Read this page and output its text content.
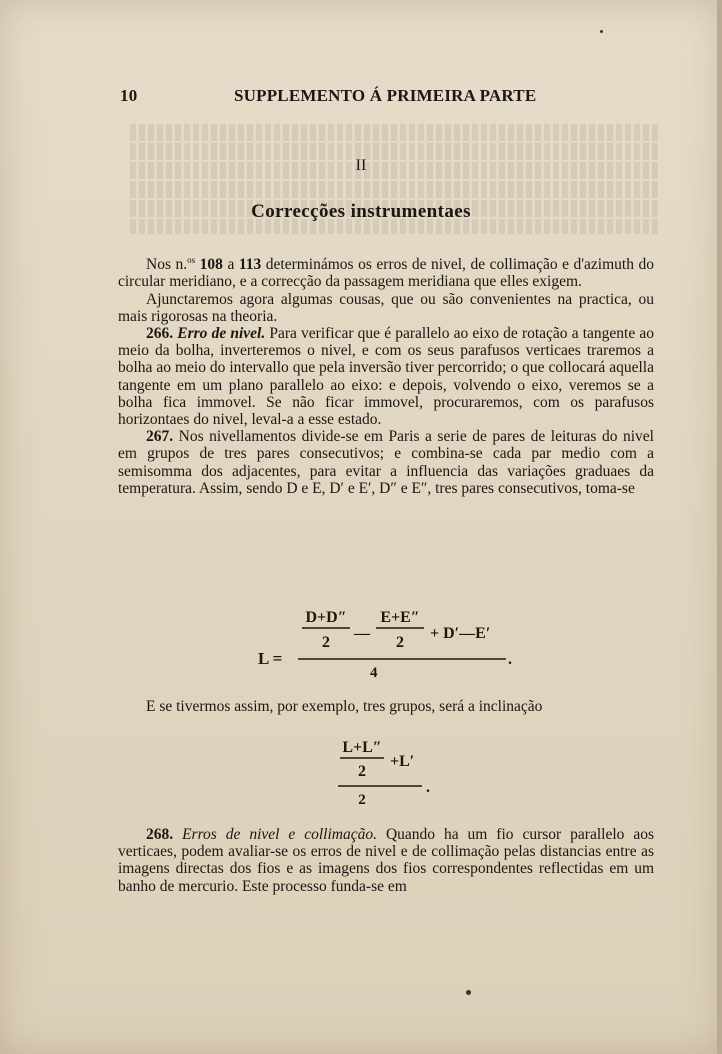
10	SUPPLEMENTO Á PRIMEIRA PARTE
II
Correcções instrumentaes

Nos n.$^{os}$ 108 a 113 determinámos os erros de nivel, de collimação e d'azimuth do circular meridiano, e a correcção da passagem meridiana que elles exigem.

Ajunctaremos agora algumas cousas, que ou são convenientes na practica, ou mais rigorosas na theoria.

266. Erro de nivel. Para verificar que é parallelo ao eixo de rotação a tangente ao meio da bolha, inverteremos o nivel, e com os seus parafusos verticaes traremos a bolha ao meio do intervallo que pela inversão tiver percorrido; o que collocará aquella tangente em um plano parallelo ao eixo: e depois, volvendo o eixo, veremos se a bolha fica immovel. Se não ficar immovel, procuraremos, com os parafusos horizontaes do nivel, leval-a a esse estado.

267. Nos nivellamentos divide-se em Paris a serie de pares de leituras do nivel em grupos de tres pares consecutivos; e combina-se cada par medio com a semisomma dos adjacentes, para evitar a influencia das variações graduaes da temperatura. Assim, sendo D e E, D′ e E′, D″ e E″, tres pares consecutivos, toma-se

L =
D+D″
2
—
E+E″
2
+ D′—E′
4
.
E se tivermos assim, por exemplo, tres grupos, será a inclinação
L+L″
2
+L′
2
.

268. Erros de nivel e collimação. Quando ha um fio cursor parallelo aos verticaes, podem avaliar-se os erros de nivel e de collimação pelas distancias entre as imagens directas dos fios e as imagens dos fios correspondentes reflectidas em um banho de mercurio. Este processo funda-se em
